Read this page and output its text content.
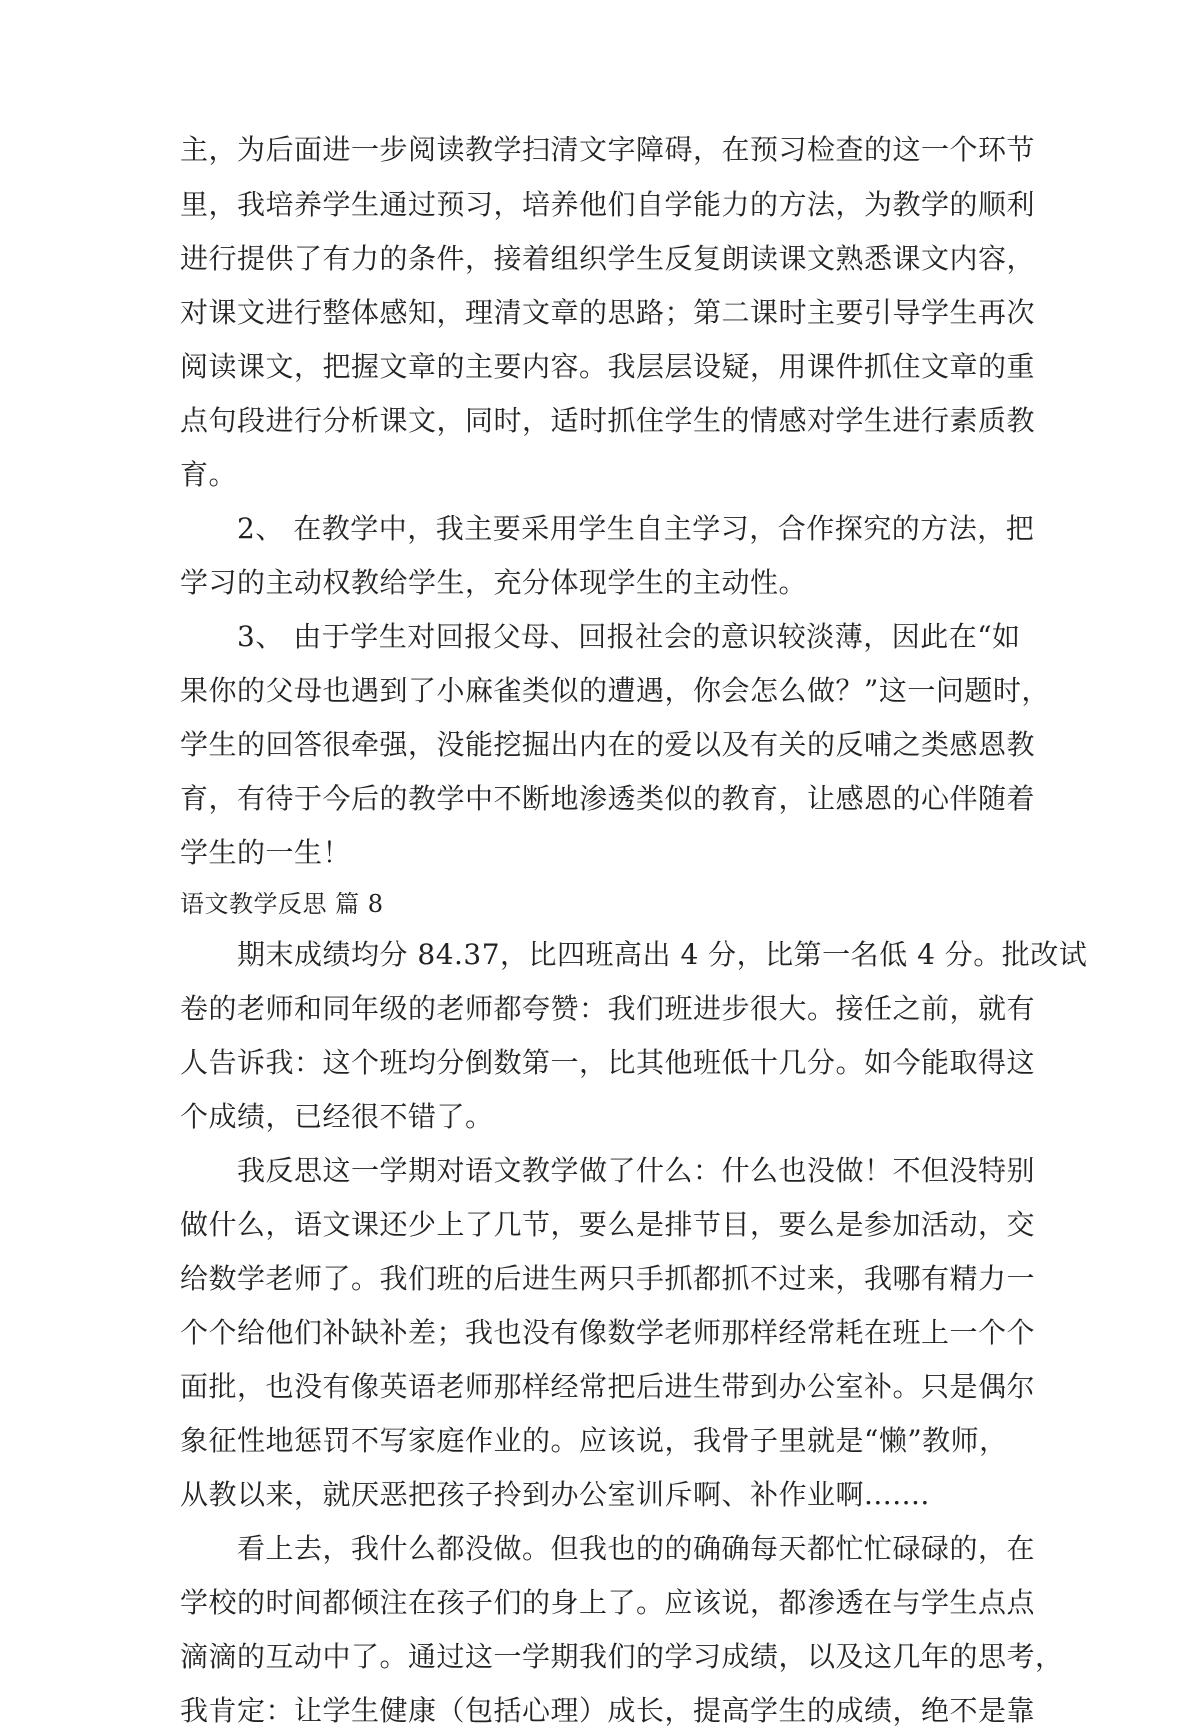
主，为后面进一步阅读教学扫清文字障碍，在预习检查的这一个环节
里，我培养学生通过预习，培养他们自学能力的方法，为教学的顺利
进行提供了有力的条件，接着组织学生反复朗读课文熟悉课文内容，
对课文进行整体感知，理清文章的思路；第二课时主要引导学生再次
阅读课文，把握文章的主要内容。我层层设疑，用课件抓住文章的重
点句段进行分析课文，同时，适时抓住学生的情感对学生进行素质教
育。
　　2、 在教学中，我主要采用学生自主学习，合作探究的方法，把
学习的主动权教给学生，充分体现学生的主动性。
　　3、 由于学生对回报父母、回报社会的意识较淡薄，因此在“如
果你的父母也遇到了小麻雀类似的遭遇，你会怎么做？”这一问题时，
学生的回答很牵强，没能挖掘出内在的爱以及有关的反哺之类感恩教
育，有待于今后的教学中不断地渗透类似的教育，让感恩的心伴随着
学生的一生！
语文教学反思 篇 8
　　期末成绩均分 84.37，比四班高出 4 分，比第一名低 4 分。批改试
卷的老师和同年级的老师都夸赞：我们班进步很大。接任之前，就有
人告诉我：这个班均分倒数第一，比其他班低十几分。如今能取得这
个成绩，已经很不错了。
　　我反思这一学期对语文教学做了什么：什么也没做！不但没特别
做什么，语文课还少上了几节，要么是排节目，要么是参加活动，交
给数学老师了。我们班的后进生两只手抓都抓不过来，我哪有精力一
个个给他们补缺补差；我也没有像数学老师那样经常耗在班上一个个
面批，也没有像英语老师那样经常把后进生带到办公室补。只是偶尔
象征性地惩罚不写家庭作业的。应该说，我骨子里就是“懒”教师，
从教以来，就厌恶把孩子拎到办公室训斥啊、补作业啊.......
　　看上去，我什么都没做。但我也的的确确每天都忙忙碌碌的，在
学校的时间都倾注在孩子们的身上了。应该说，都渗透在与学生点点
滴滴的互动中了。通过这一学期我们的学习成绩，以及这几年的思考，
我肯定：让学生健康（包括心理）成长，提高学生的成绩，绝不是靠
